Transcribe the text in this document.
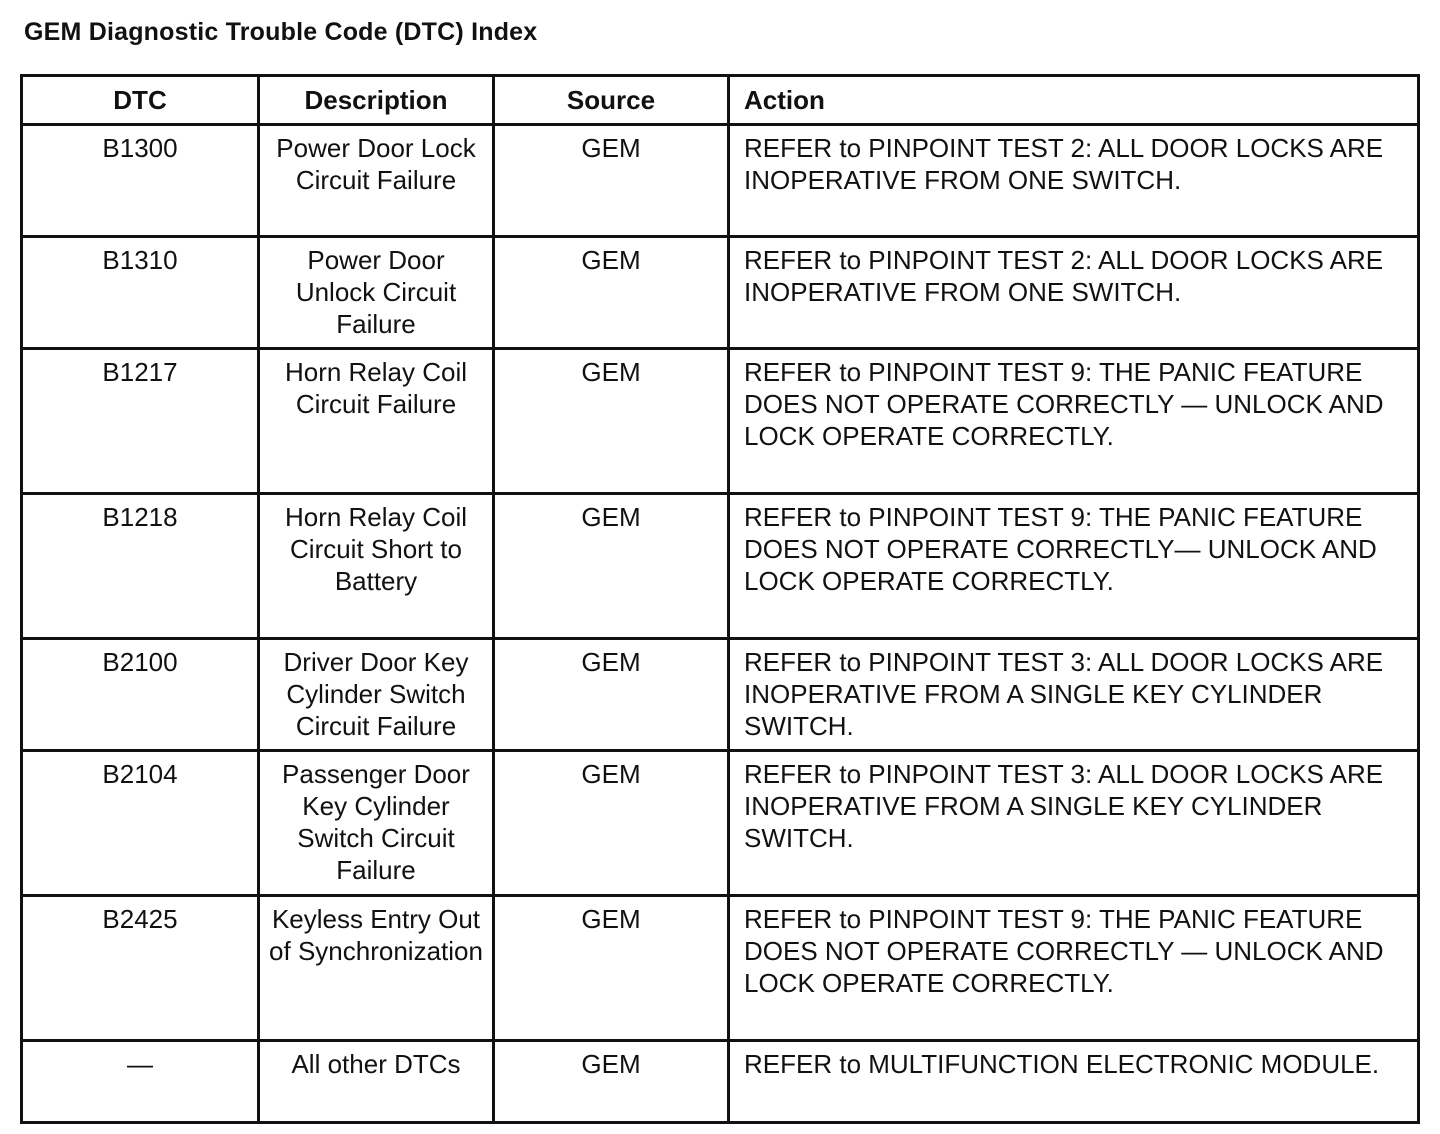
GEM Diagnostic Trouble Code (DTC) Index
DTC	Description	Source	Action
B1300	Power Door Lock Circuit Failure	GEM	REFER to PINPOINT TEST 2: ALL DOOR LOCKS ARE INOPERATIVE FROM ONE SWITCH.
B1310	Power Door Unlock Circuit Failure	GEM	REFER to PINPOINT TEST 2: ALL DOOR LOCKS ARE INOPERATIVE FROM ONE SWITCH.
B1217	Horn Relay Coil Circuit Failure	GEM	REFER to PINPOINT TEST 9: THE PANIC FEATURE DOES NOT OPERATE CORRECTLY — UNLOCK AND LOCK OPERATE CORRECTLY.
B1218	Horn Relay Coil Circuit Short to Battery	GEM	REFER to PINPOINT TEST 9: THE PANIC FEATURE DOES NOT OPERATE CORRECTLY— UNLOCK AND LOCK OPERATE CORRECTLY.
B2100	Driver Door Key Cylinder Switch Circuit Failure	GEM	REFER to PINPOINT TEST 3: ALL DOOR LOCKS ARE INOPERATIVE FROM A SINGLE KEY CYLINDER SWITCH.
B2104	Passenger Door Key Cylinder Switch Circuit Failure	GEM	REFER to PINPOINT TEST 3: ALL DOOR LOCKS ARE INOPERATIVE FROM A SINGLE KEY CYLINDER SWITCH.
B2425	Keyless Entry Out of Synchronization	GEM	REFER to PINPOINT TEST 9: THE PANIC FEATURE DOES NOT OPERATE CORRECTLY — UNLOCK AND LOCK OPERATE CORRECTLY.
—	All other DTCs	GEM	REFER to MULTIFUNCTION ELECTRONIC MODULE.
